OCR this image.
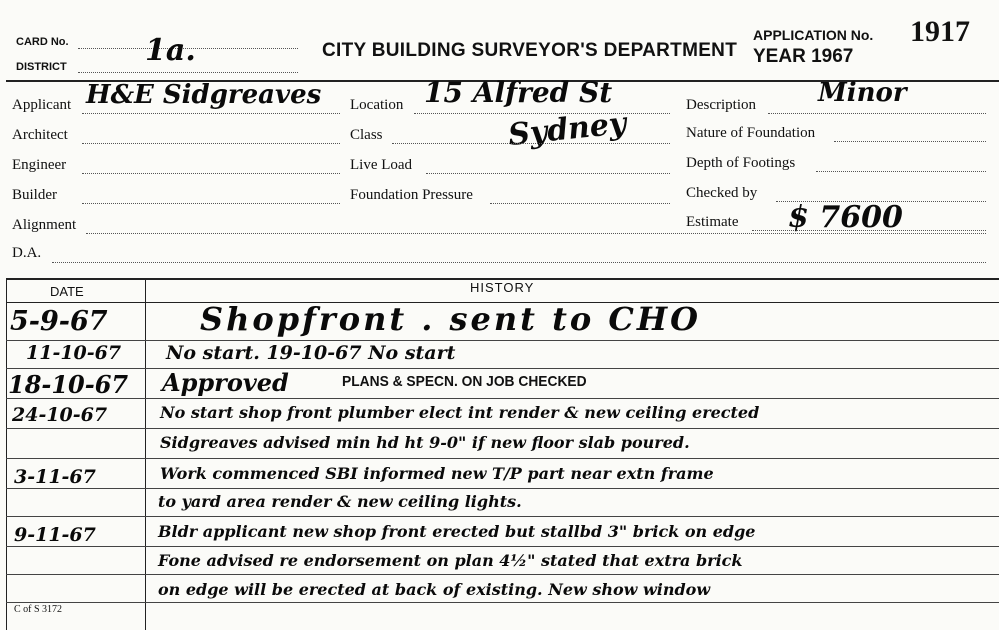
CARD No.
DISTRICT	1a.	CITY BUILDING SURVEYOR'S DEPARTMENT
APPLICATION No. 1917
YEAR 1967
Applicant H&E Sidgreaves
Architect
Engineer
Builder
Alignment
D.A.
Location 15 Alfred St
Sydney
Class
Live Load
Foundation Pressure
Description Minor
Nature of Foundation
Depth of Footings
Checked by
Estimate $ 7600
DATE	HISTORY
5-9-67	Shopfront . sent to CHO
11-10-67 No start. 19-10-67 No start
18-10-67 Approved	PLANS & SPECN. ON JOB CHECKED
24-10-67	No start shop front plumber elect int render & new ceiling erected
Sidgreaves advised min hd ht 9-0" if new floor slab poured.
3-11-67	Work commenced SBI informed new T/P part near extn frame
to yard area render & new ceiling lights.
9-11-67	Bldr applicant new shop front erected but stallbd 3" brick on edge
Fone advised re endorsement on plan 4½" stated that extra brick
on edge will be erected at back of existing. New show window
C of S 3172
